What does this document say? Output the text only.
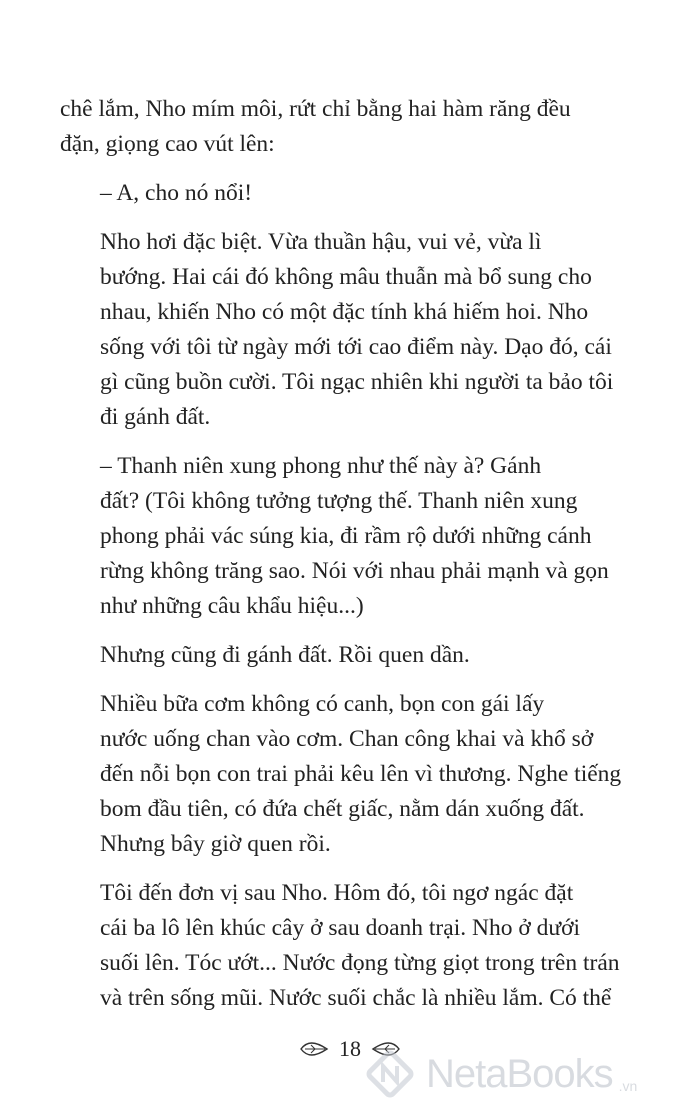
chê lắm, Nho mím môi, rứt chỉ bằng hai hàm răng đều
đặn, giọng cao vút lên:

– A, cho nó nổi!

Nho hơi đặc biệt. Vừa thuần hậu, vui vẻ, vừa lì
bướng. Hai cái đó không mâu thuẫn mà bổ sung cho
nhau, khiến Nho có một đặc tính khá hiếm hoi. Nho
sống với tôi từ ngày mới tới cao điểm này. Dạo đó, cái
gì cũng buồn cười. Tôi ngạc nhiên khi người ta bảo tôi
đi gánh đất.

– Thanh niên xung phong như thế này à? Gánh
đất? (Tôi không tưởng tượng thế. Thanh niên xung
phong phải vác súng kia, đi rầm rộ dưới những cánh
rừng không trăng sao. Nói với nhau phải mạnh và gọn
như những câu khẩu hiệu...)

Nhưng cũng đi gánh đất. Rồi quen dần.

Nhiều bữa cơm không có canh, bọn con gái lấy
nước uống chan vào cơm. Chan công khai và khổ sở
đến nỗi bọn con trai phải kêu lên vì thương. Nghe tiếng
bom đầu tiên, có đứa chết giấc, nằm dán xuống đất.
Nhưng bây giờ quen rồi.

Tôi đến đơn vị sau Nho. Hôm đó, tôi ngơ ngác đặt
cái ba lô lên khúc cây ở sau doanh trại. Nho ở dưới
suối lên. Tóc ướt... Nước đọng từng giọt trong trên trán
và trên sống mũi. Nước suối chắc là nhiều lắm. Có thể

18
NetaBooks .vn
